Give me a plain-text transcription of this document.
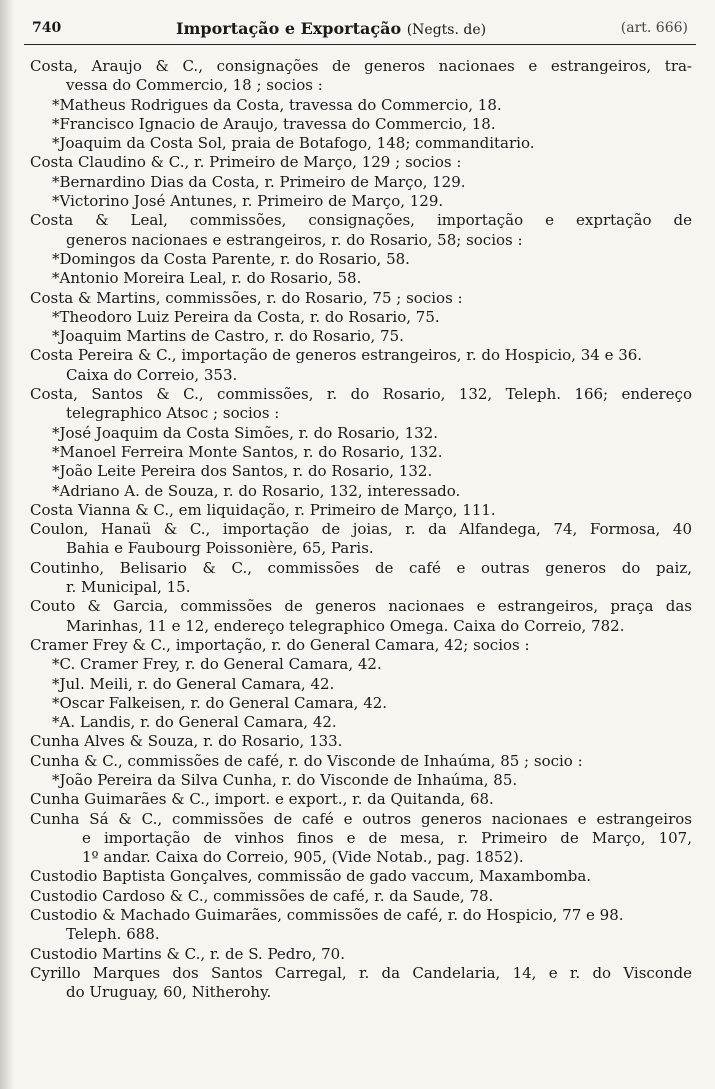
740	Importação e Exportação (Negts. de)	(art. 666)
Costa, Araujo & C., consignações de generos nacionaes e estrangeiros, tra-
vessa do Commercio, 18 ; socios :
*Matheus Rodrigues da Costa, travessa do Commercio, 18.
*Francisco Ignacio de Araujo, travessa do Commercio, 18.
*Joaquim da Costa Sol, praia de Botafogo, 148; commanditario.
Costa Claudino & C., r. Primeiro de Março, 129 ; socios :
*Bernardino Dias da Costa, r. Primeiro de Março, 129.
*Victorino José Antunes, r. Primeiro de Março, 129.
Costa & Leal, commissões, consignações, importação e exprtação de
generos nacionaes e estrangeiros, r. do Rosario, 58; socios :
*Domingos da Costa Parente, r. do Rosario, 58.
*Antonio Moreira Leal, r. do Rosario, 58.
Costa & Martins, commissões, r. do Rosario, 75 ; socios :
*Theodoro Luiz Pereira da Costa, r. do Rosario, 75.
*Joaquim Martins de Castro, r. do Rosario, 75.
Costa Pereira & C., importação de generos estrangeiros, r. do Hospicio, 34 e 36.
Caixa do Correio, 353.
Costa, Santos & C., commissões, r. do Rosario, 132, Teleph. 166; endereço
telegraphico Atsoc ; socios :
*José Joaquim da Costa Simões, r. do Rosario, 132.
*Manoel Ferreira Monte Santos, r. do Rosario, 132.
*João Leite Pereira dos Santos, r. do Rosario, 132.
*Adriano A. de Souza, r. do Rosario, 132, interessado.
Costa Vianna & C., em liquidação, r. Primeiro de Março, 111.
Coulon, Hanaü & C., importação de joias, r. da Alfandega, 74, Formosa, 40
Bahia e Faubourg Poissonière, 65, Paris.
Coutinho, Belisario & C., commissões de café e outras generos do paiz,
r. Municipal, 15.
Couto & Garcia, commissões de generos nacionaes e estrangeiros, praça das
Marinhas, 11 e 12, endereço telegraphico Omega. Caixa do Correio, 782.
Cramer Frey & C., importação, r. do General Camara, 42; socios :
*C. Cramer Frey, r. do General Camara, 42.
*Jul. Meili, r. do General Camara, 42.
*Oscar Falkeisen, r. do General Camara, 42.
*A. Landis, r. do General Camara, 42.
Cunha Alves & Souza, r. do Rosario, 133.
Cunha & C., commissões de café, r. do Visconde de Inhaúma, 85 ; socio :
*João Pereira da Silva Cunha, r. do Visconde de Inhaúma, 85.
Cunha Guimarães & C., import. e export., r. da Quitanda, 68.
Cunha Sá & C., commissões de café e outros generos nacionaes e estrangeiros
e importação de vinhos finos e de mesa, r. Primeiro de Março, 107,
1º andar. Caixa do Correio, 905, (Vide Notab., pag. 1852).
Custodio Baptista Gonçalves, commissão de gado vaccum, Maxambomba.
Custodio Cardoso & C., commissões de café, r. da Saude, 78.
Custodio & Machado Guimarães, commissões de café, r. do Hospicio, 77 e 98.
Teleph. 688.
Custodio Martins & C., r. de S. Pedro, 70.
Cyrillo Marques dos Santos Carregal, r. da Candelaria, 14, e r. do Visconde
do Uruguay, 60, Nitherohy.
